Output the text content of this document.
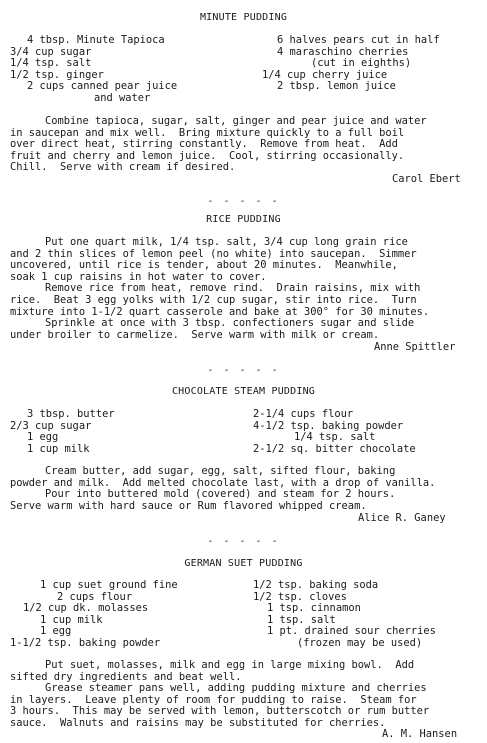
MINUTE PUDDING
4 tbsp. Minute Tapioca
3/4 cup sugar
1/4 tsp. salt
1/2 tsp. ginger
2 cups canned pear juice
and water
6 halves pears cut in half
4 maraschino cherries
(cut in eighths)
1/4 cup cherry juice
2 tbsp. lemon juice
Combine tapioca, sugar, salt, ginger and pear juice and water
in saucepan and mix well.  Bring mixture quickly to a full boil
over direct heat, stirring constantly.  Remove from heat.  Add
fruit and cherry and lemon juice.  Cool, stirring occasionally.
Chill.  Serve with cream if desired.
Carol Ebert
- - - - -
RICE PUDDING
Put one quart milk, 1/4 tsp. salt, 3/4 cup long grain rice
and 2 thin slices of lemon peel (no white) into saucepan.  Simmer
uncovered, until rice is tender, about 20 minutes.  Meanwhile,
soak 1 cup raisins in hot water to cover.
Remove rice from heat, remove rind.  Drain raisins, mix with
rice.  Beat 3 egg yolks with 1/2 cup sugar, stir into rice.  Turn
mixture into 1-1/2 quart casserole and bake at 300° for 30 minutes.
Sprinkle at once with 3 tbsp. confectioners sugar and slide
under broiler to carmelize.  Serve warm with milk or cream.
Anne Spittler
- - - - -
CHOCOLATE STEAM PUDDING
3 tbsp. butter
2/3 cup sugar
1 egg
1 cup milk
2-1/4 cups flour
4-1/2 tsp. baking powder
1/4 tsp. salt
2-1/2 sq. bitter chocolate
Cream butter, add sugar, egg, salt, sifted flour, baking
powder and milk.  Add melted chocolate last, with a drop of vanilla.
Pour into buttered mold (covered) and steam for 2 hours.
Serve warm with hard sauce or Rum flavored whipped cream.
Alice R. Ganey
- - - - -
GERMAN SUET PUDDING
1 cup suet ground fine
2 cups flour
1/2 cup dk. molasses
1 cup milk
1 egg
1-1/2 tsp. baking powder
1/2 tsp. baking soda
1/2 tsp. cloves
1 tsp. cinnamon
1 tsp. salt
1 pt. drained sour cherries
(frozen may be used)
Put suet, molasses, milk and egg in large mixing bowl.  Add
sifted dry ingredients and beat well.
Grease steamer pans well, adding pudding mixture and cherries
in layers.  Leave plenty of room for pudding to raise.  Steam for
3 hours.  This may be served with lemon, butterscotch or rum butter
sauce.  Walnuts and raisins may be substituted for cherries.
A. M. Hansen
